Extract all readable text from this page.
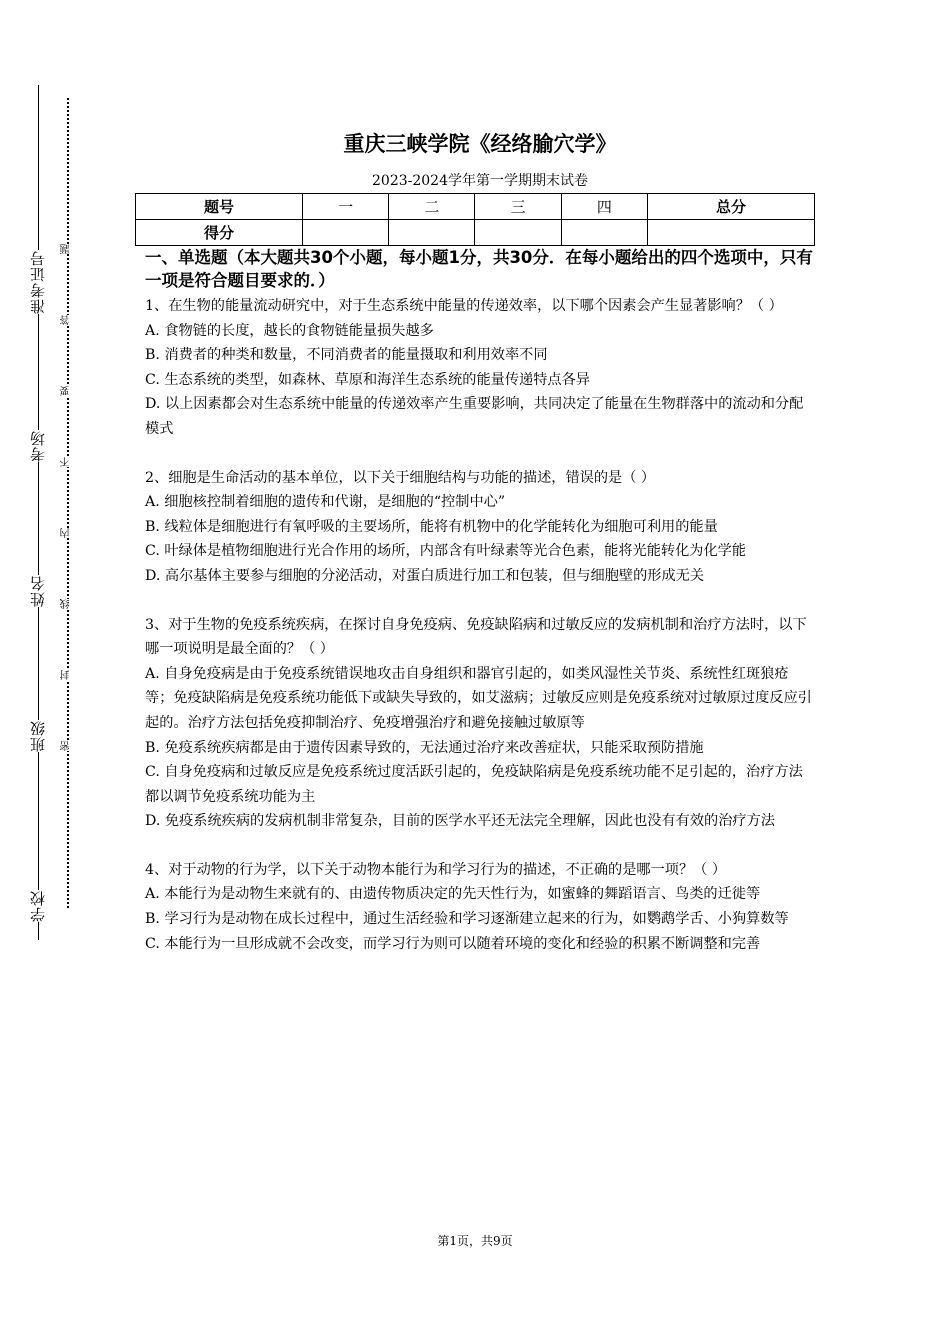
准考证号
考场
姓名
班级
学校
题
答
要
不
内
线
封
密
重庆三峡学院《经络腧穴学》
2023-2024学年第一学期期末试卷
题号	一	二	三	四	总分
得分					
一、单选题（本大题共30个小题，每小题1分，共30分．在每小题给出的四个选项中，只有一项是符合题目要求的．）

1、在生物的能量流动研究中，对于生态系统中能量的传递效率，以下哪个因素会产生显著影响？（ ）

A. 食物链的长度，越长的食物链能量损失越多

B. 消费者的种类和数量，不同消费者的能量摄取和利用效率不同

C. 生态系统的类型，如森林、草原和海洋生态系统的能量传递特点各异

D. 以上因素都会对生态系统中能量的传递效率产生重要影响，共同决定了能量在生物群落中的流动和分配模式

2、细胞是生命活动的基本单位，以下关于细胞结构与功能的描述，错误的是（ ）

A. 细胞核控制着细胞的遗传和代谢，是细胞的“控制中心”

B. 线粒体是细胞进行有氧呼吸的主要场所，能将有机物中的化学能转化为细胞可利用的能量

C. 叶绿体是植物细胞进行光合作用的场所，内部含有叶绿素等光合色素，能将光能转化为化学能

D. 高尔基体主要参与细胞的分泌活动，对蛋白质进行加工和包装，但与细胞壁的形成无关

3、对于生物的免疫系统疾病，在探讨自身免疫病、免疫缺陷病和过敏反应的发病机制和治疗方法时，以下哪一项说明是最全面的？（ ）

A. 自身免疫病是由于免疫系统错误地攻击自身组织和器官引起的，如类风湿性关节炎、系统性红斑狼疮等；免疫缺陷病是免疫系统功能低下或缺失导致的，如艾滋病；过敏反应则是免疫系统对过敏原过度反应引起的。治疗方法包括免疫抑制治疗、免疫增强治疗和避免接触过敏原等

B. 免疫系统疾病都是由于遗传因素导致的，无法通过治疗来改善症状，只能采取预防措施

C. 自身免疫病和过敏反应是免疫系统过度活跃引起的，免疫缺陷病是免疫系统功能不足引起的，治疗方法都以调节免疫系统功能为主

D. 免疫系统疾病的发病机制非常复杂，目前的医学水平还无法完全理解，因此也没有有效的治疗方法

4、对于动物的行为学，以下关于动物本能行为和学习行为的描述，不正确的是哪一项？（ ）

A. 本能行为是动物生来就有的、由遗传物质决定的先天性行为，如蜜蜂的舞蹈语言、鸟类的迁徙等

B. 学习行为是动物在成长过程中，通过生活经验和学习逐渐建立起来的行为，如鹦鹉学舌、小狗算数等

C. 本能行为一旦形成就不会改变，而学习行为则可以随着环境的变化和经验的积累不断调整和完善

第1页，共9页
